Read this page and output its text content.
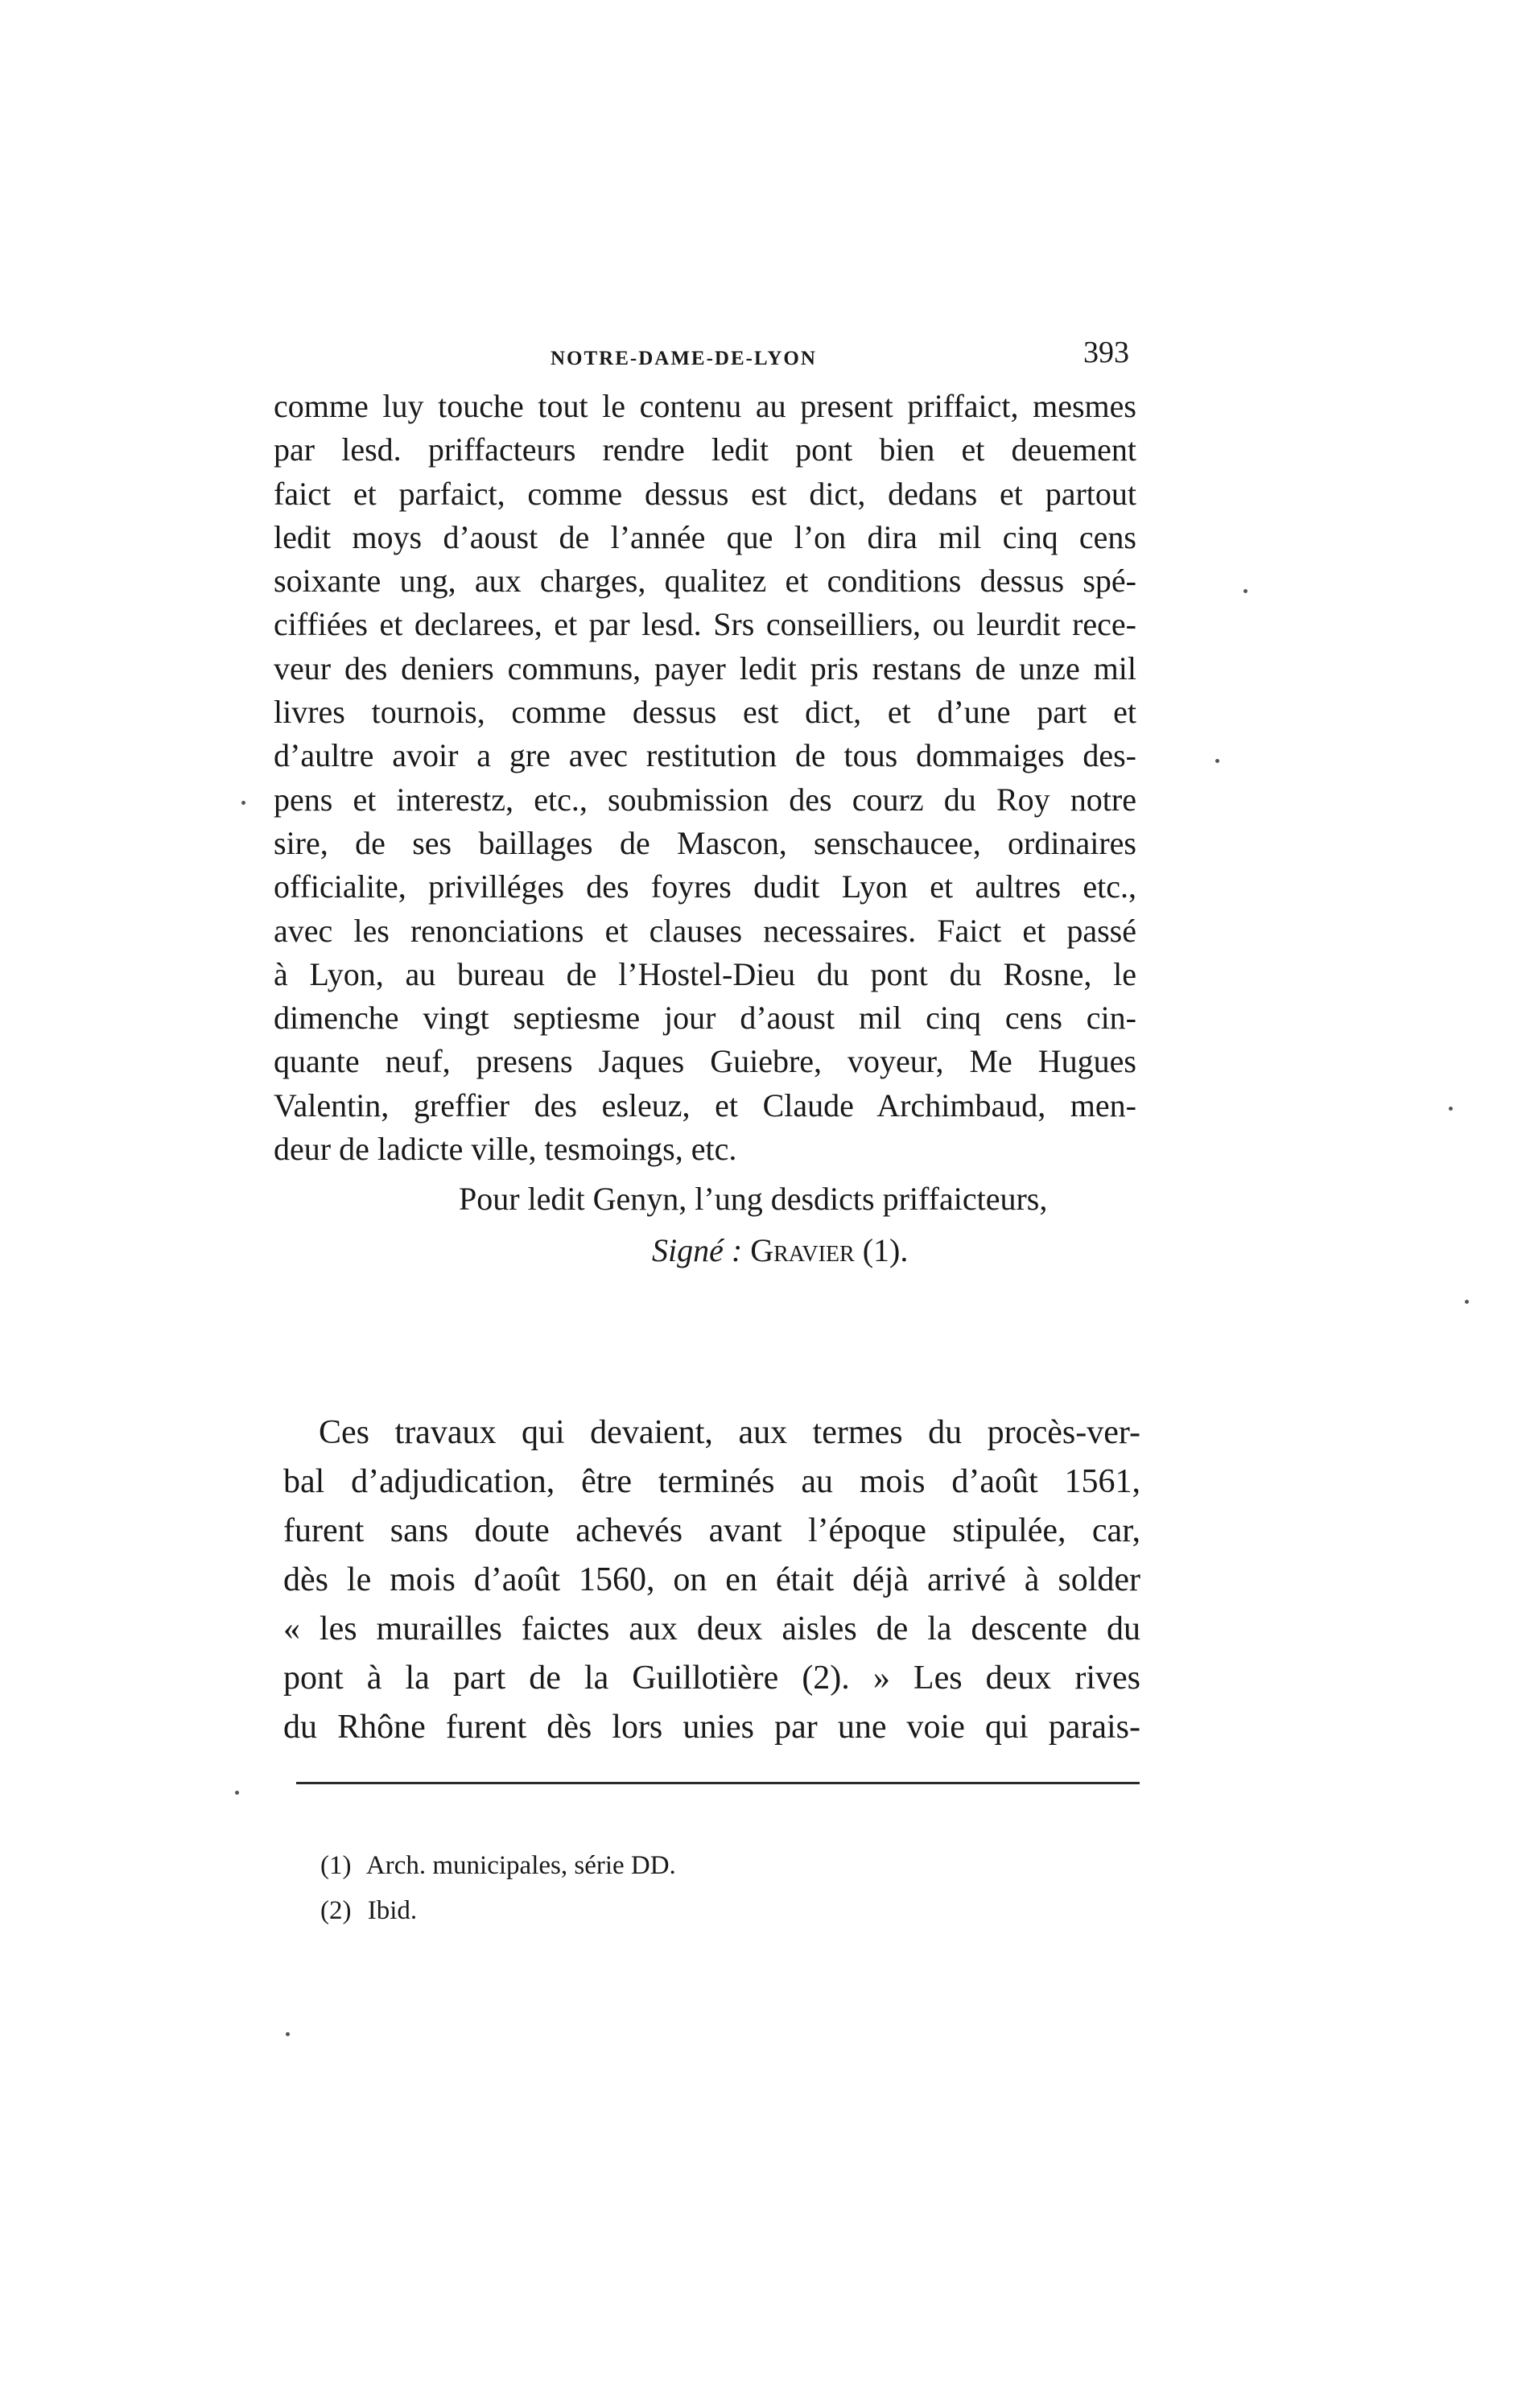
NOTRE-DAME-DE-LYON	393
comme luy touche tout le contenu au present priffaict, mesmes
par lesd. priffacteurs rendre ledit pont bien et deuement
faict et parfaict, comme dessus est dict, dedans et partout
ledit moys d’aoust de l’année que l’on dira mil cinq cens
soixante ung, aux charges, qualitez et conditions dessus spé-
ciffiées et declarees, et par lesd. Srs conseilliers, ou leurdit rece-
veur des deniers communs, payer ledit pris restans de unze mil
livres tournois, comme dessus est dict, et d’une part et
d’aultre avoir a gre avec restitution de tous dommaiges des-
pens et interestz, etc., soubmission des courz du Roy notre
sire, de ses baillages de Mascon, senschaucee, ordinaires
officialite, privilléges des foyres dudit Lyon et aultres etc.,
avec les renonciations et clauses necessaires. Faict et passé
à Lyon, au bureau de l’Hostel-Dieu du pont du Rosne, le
dimenche vingt septiesme jour d’aoust mil cinq cens cin-
quante neuf, presens Jaques Guiebre, voyeur, Me Hugues
Valentin, greffier des esleuz, et Claude Archimbaud, men-
deur de ladicte ville, tesmoings, etc.
Pour ledit Genyn, l’ung desdicts priffaicteurs,
Signé : Gravier (1).
Ces travaux qui devaient, aux termes du procès-ver-
bal d’adjudication, être terminés au mois d’août 1561,
furent sans doute achevés avant l’époque stipulée, car,
dès le mois d’août 1560, on en était déjà arrivé à solder
« les murailles faictes aux deux aisles de la descente du
pont à la part de la Guillotière (2). » Les deux rives
du Rhône furent dès lors unies par une voie qui parais-
(1) Arch. municipales, série DD.
(2) Ibid.
